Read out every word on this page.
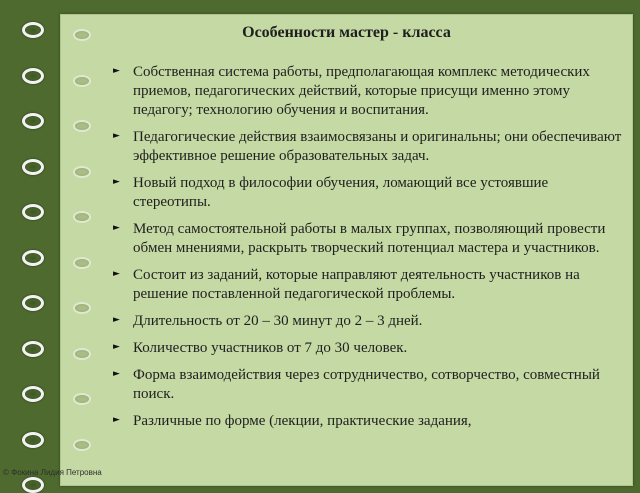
Особенности мастер - класса
► Собственная система работы, предполагающая комплекс методических приемов, педагогических действий, которые присущи именно этому педагогу; технологию обучения и воспитания.
► Педагогические действия взаимосвязаны и оригинальны; они обеспечивают эффективное решение образовательных задач.
► Новый подход в философии обучения, ломающий все устоявшие стереотипы.
► Метод самостоятельной работы в малых группах, позволяющий провести обмен мнениями, раскрыть творческий потенциал мастера и участников.
► Состоит из заданий, которые направляют деятельность участников на решение поставленной педагогической проблемы.
► Длительность от 20 – 30 минут до 2 – 3 дней.
► Количество участников от 7 до 30 человек.
► Форма взаимодействия через сотрудничество, сотворчество, совместный поиск.
► Различные по форме (лекции, практические задания,
© Фокина Лидия Петровна
